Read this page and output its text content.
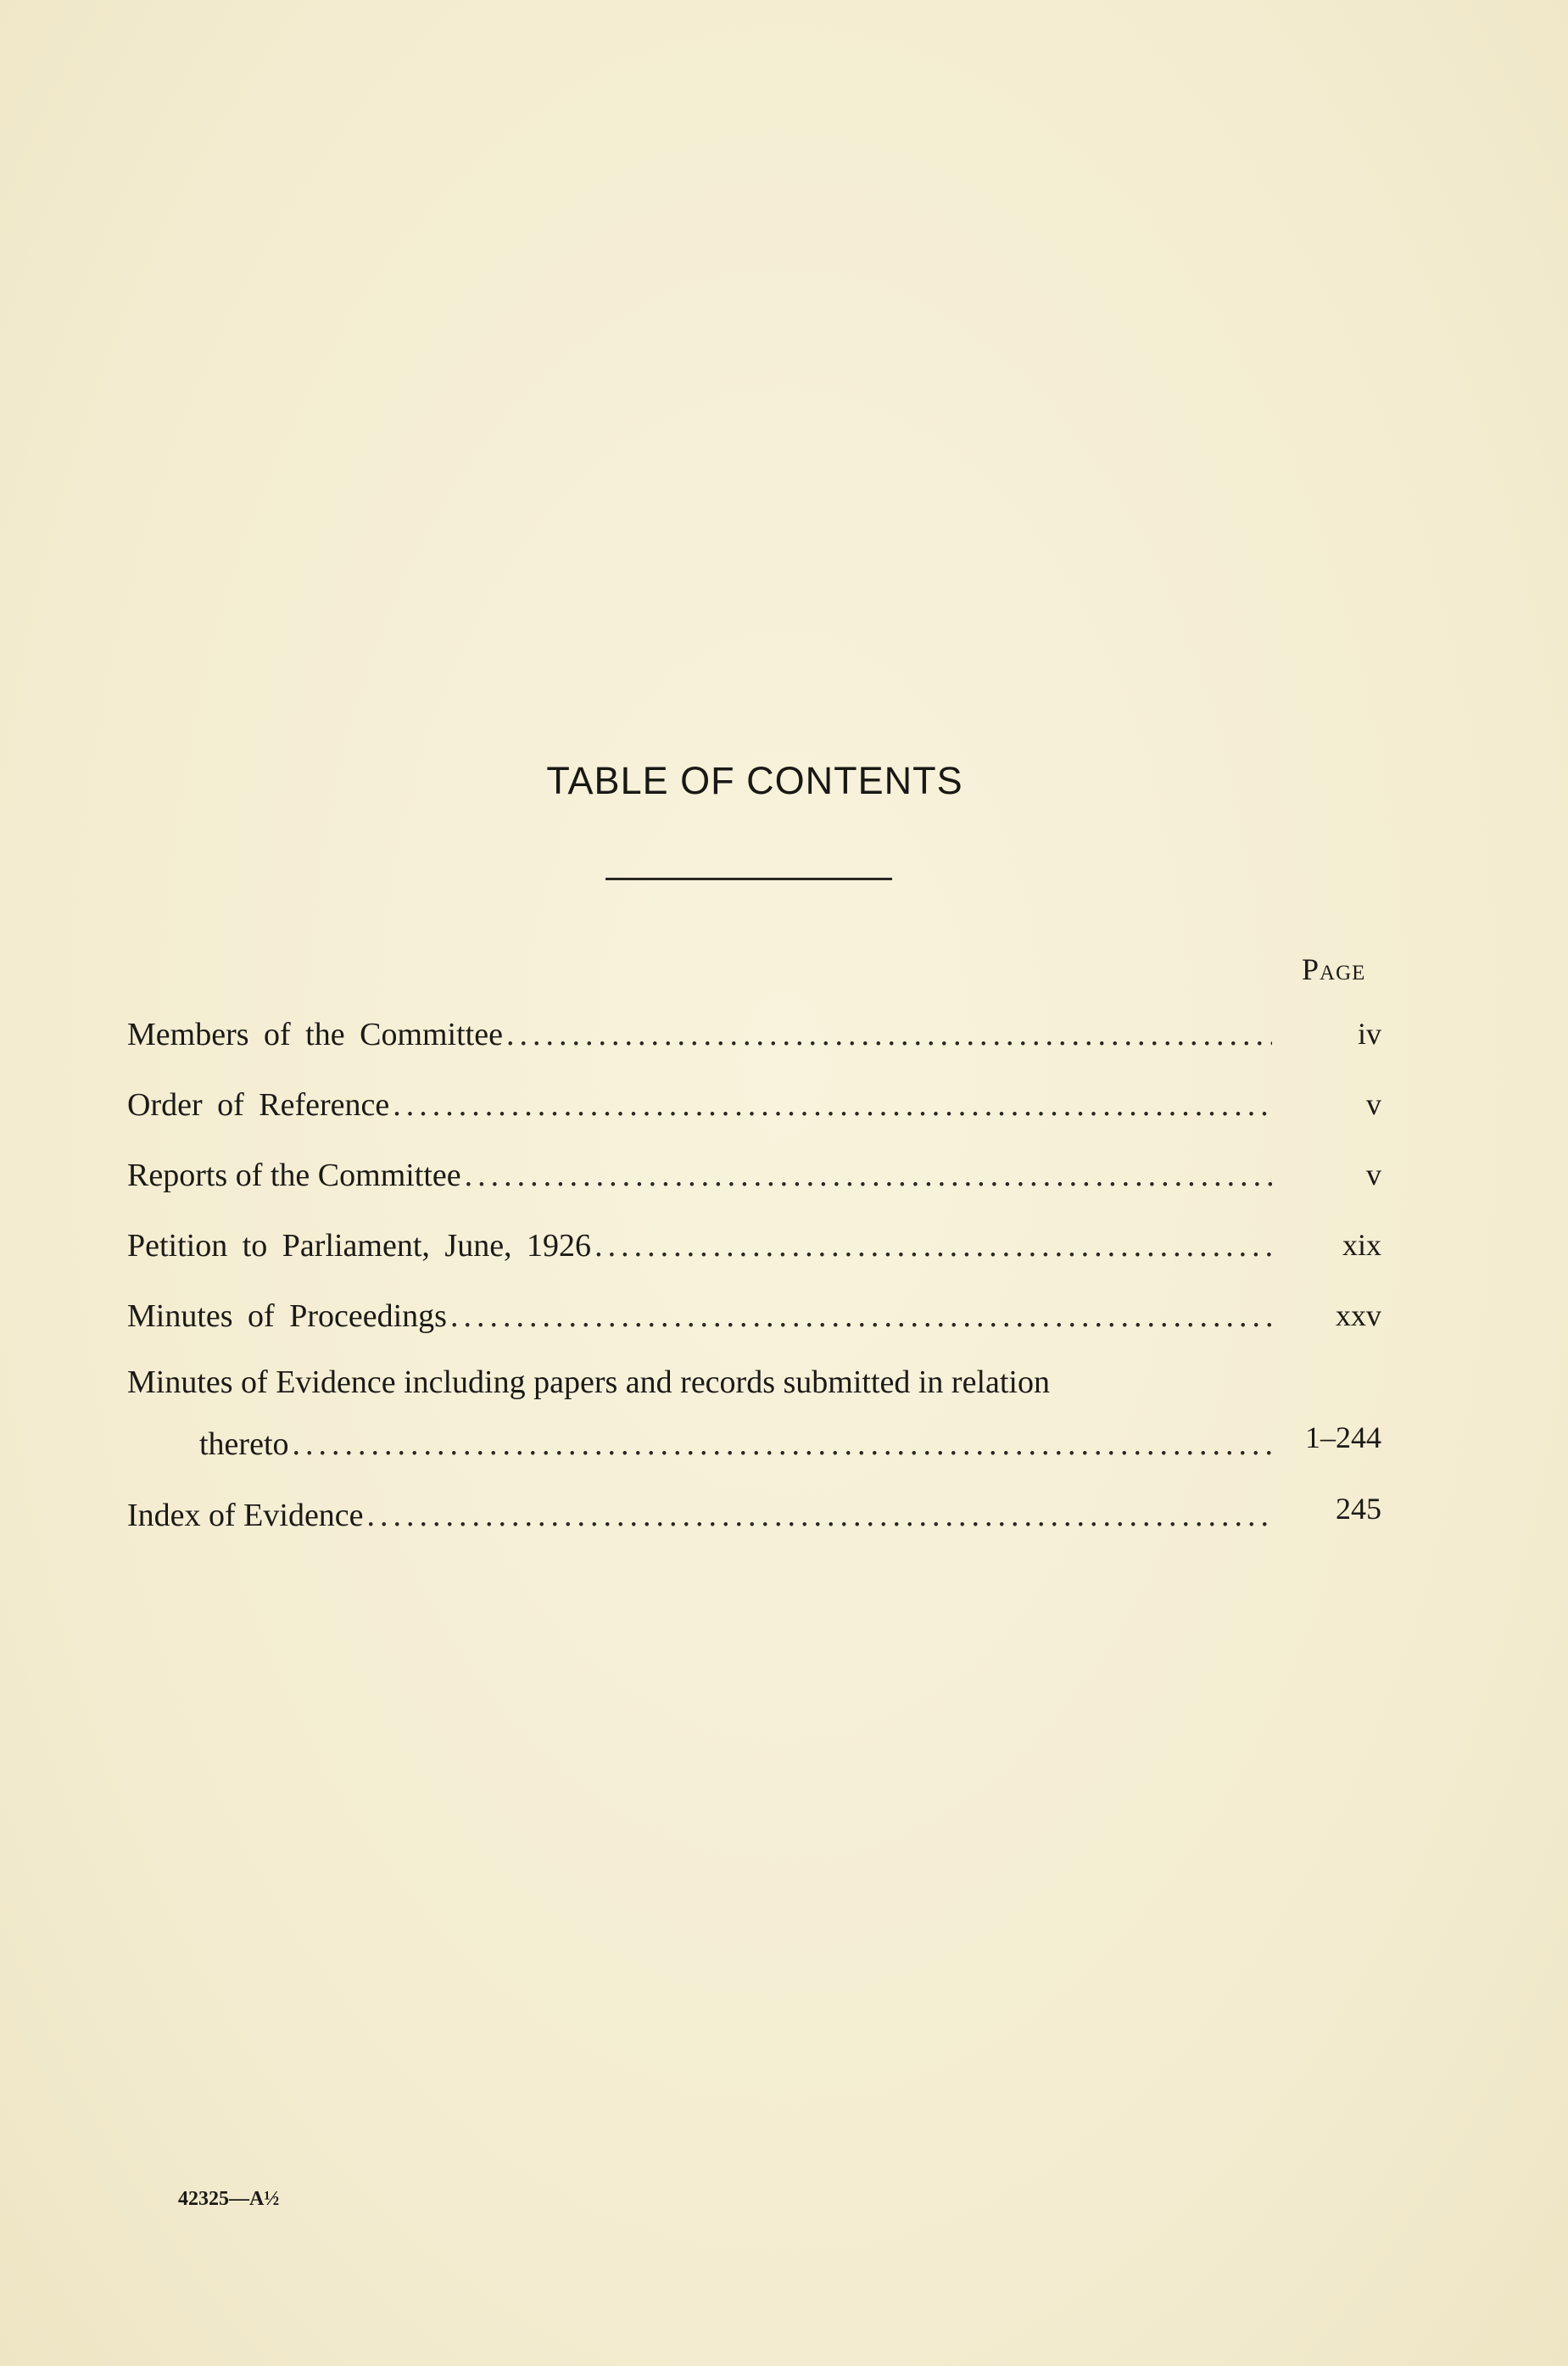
TABLE OF CONTENTS
Page
Members of the Committee .....	iv
Order of Reference .....	v
Reports of the Committee .....	v
Petition to Parliament, June, 1926 .....	xix
Minutes of Proceedings .....	xxv
Minutes of Evidence including papers and records submitted in relation
thereto .....	1–244
Index of Evidence .....	245
42325—A½
